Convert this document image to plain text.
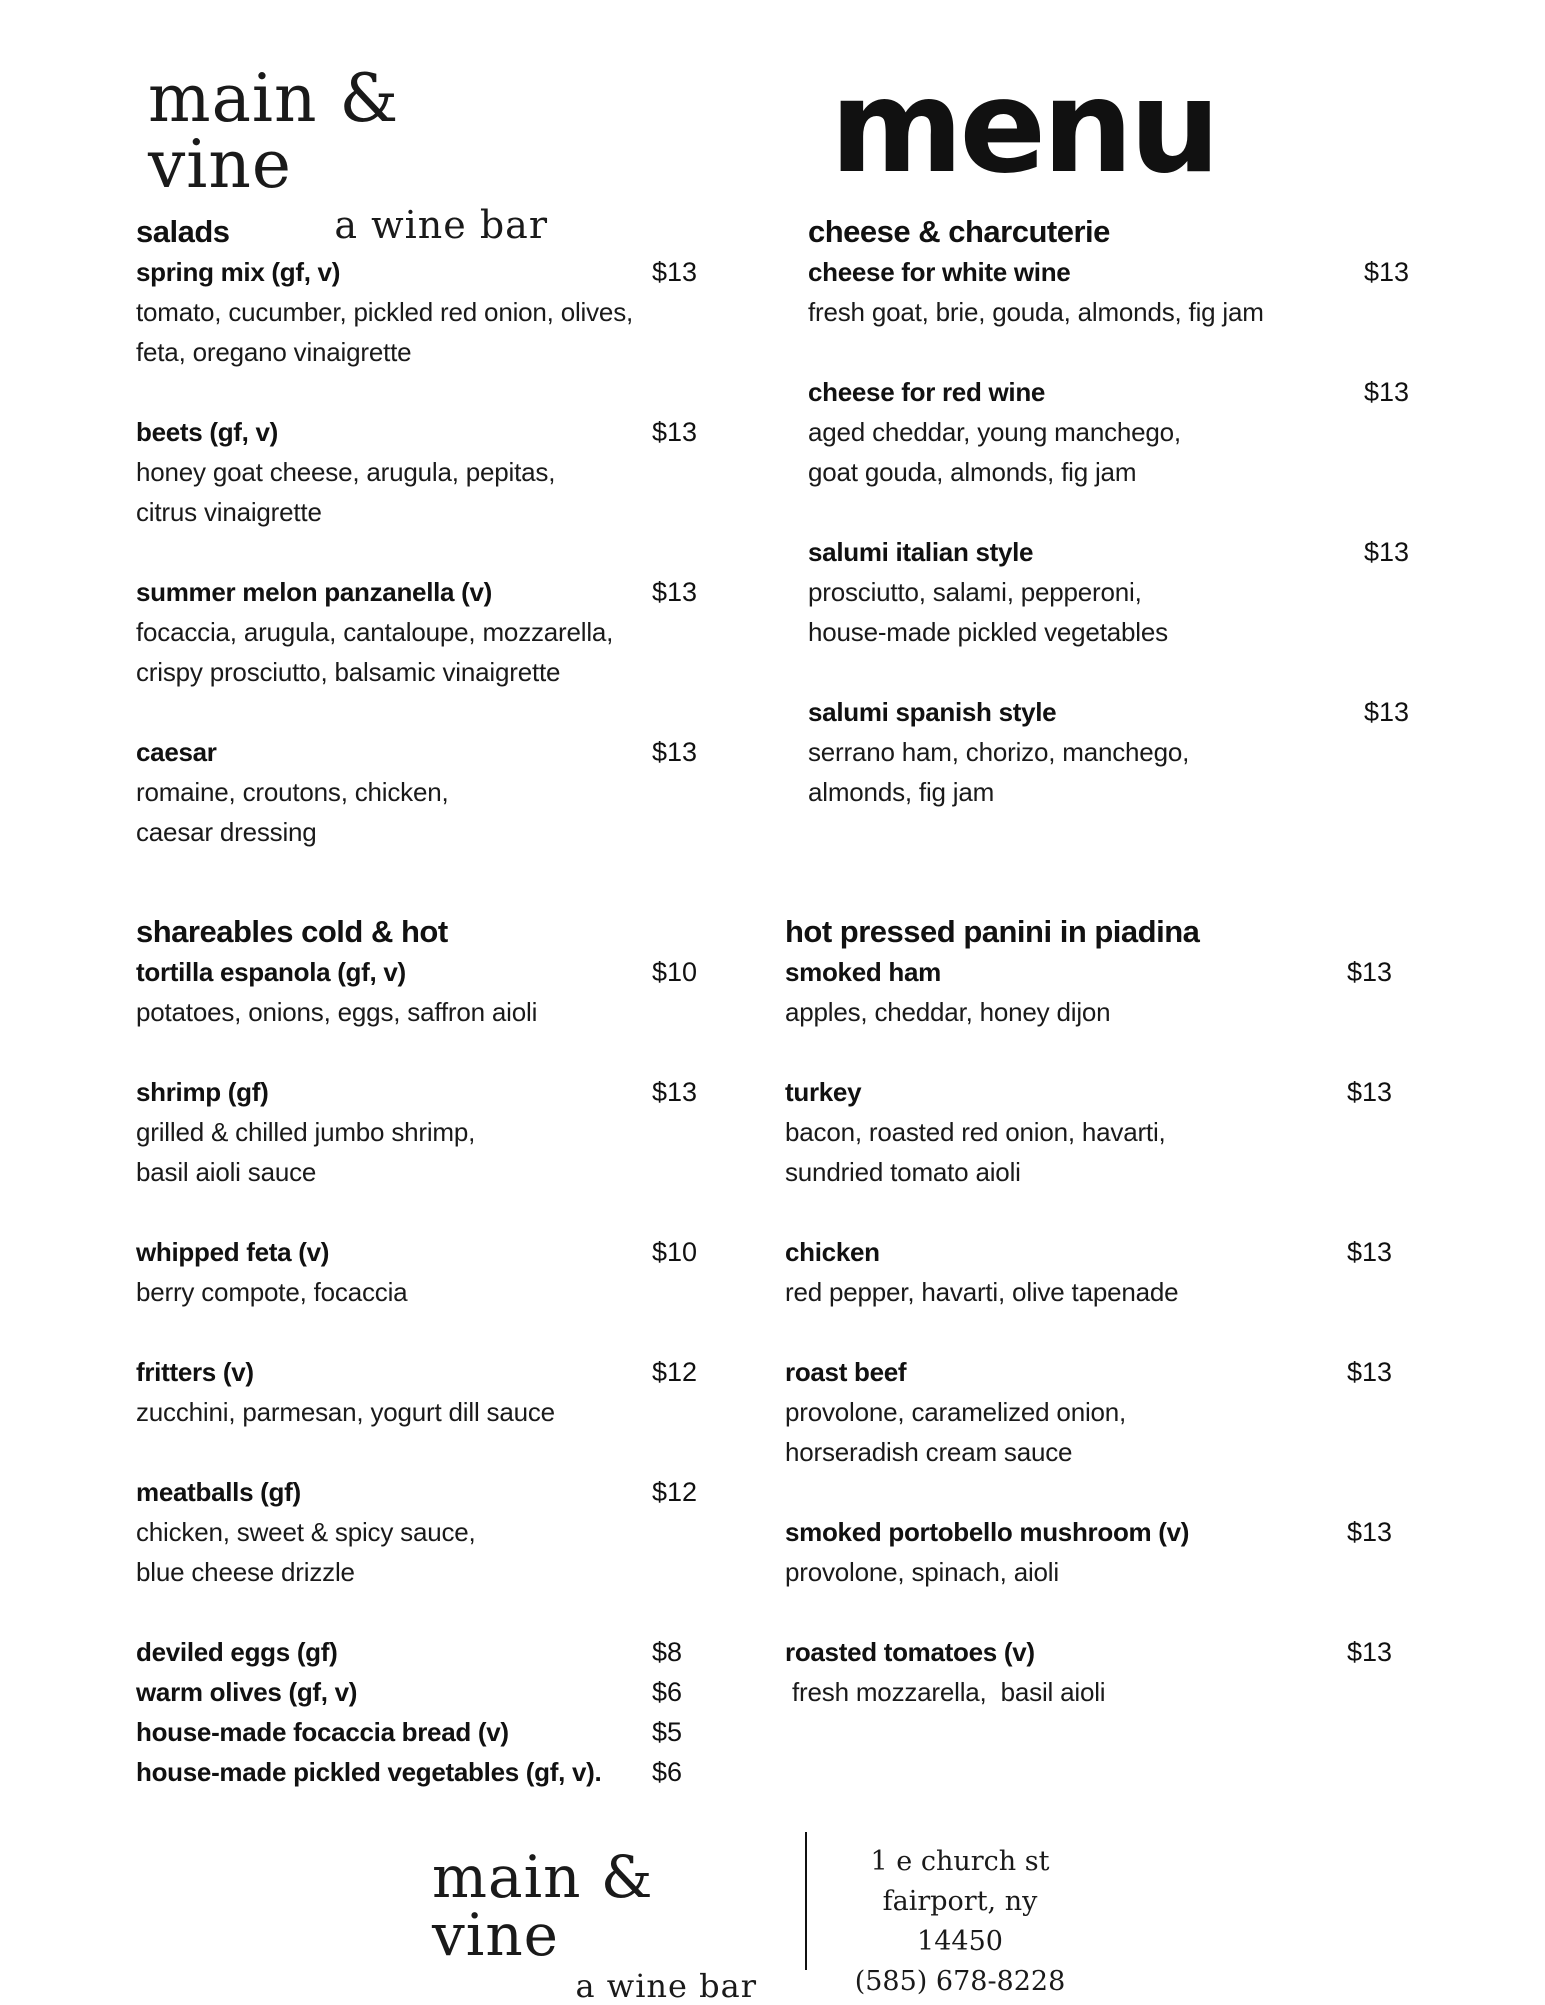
main & vine
a wine bar
menu
salads
spring mix (gf, v)	$13
tomato, cucumber, pickled red onion, olives,
feta, oregano vinaigrette
beets (gf, v)	$13
honey goat cheese, arugula, pepitas,
citrus vinaigrette
summer melon panzanella (v)	$13
focaccia, arugula, cantaloupe, mozzarella,
crispy prosciutto, balsamic vinaigrette
caesar	$13
romaine, croutons, chicken,
caesar dressing
cheese & charcuterie
cheese for white wine	$13
fresh goat, brie, gouda, almonds, fig jam
cheese for red wine	$13
aged cheddar, young manchego,
goat gouda, almonds, fig jam
salumi italian style	$13
prosciutto, salami, pepperoni,
house-made pickled vegetables
salumi spanish style	$13
serrano ham, chorizo, manchego,
almonds, fig jam
shareables cold & hot
tortilla espanola (gf, v)	$10
potatoes, onions, eggs, saffron aioli
shrimp (gf)	$13
grilled & chilled jumbo shrimp,
basil aioli sauce
whipped feta (v)	$10
berry compote, focaccia
fritters (v)	$12
zucchini, parmesan, yogurt dill sauce
meatballs (gf)	$12
chicken, sweet & spicy sauce,
blue cheese drizzle
deviled eggs (gf)	$8
warm olives (gf, v)	$6
house-made focaccia bread (v)	$5
house-made pickled vegetables (gf, v).	$6
hot pressed panini in piadina
smoked ham	$13
apples, cheddar, honey dijon
turkey	$13
bacon, roasted red onion, havarti,
sundried tomato aioli
chicken	$13
red pepper, havarti, olive tapenade
roast beef	$13
provolone, caramelized onion,
horseradish cream sauce
smoked portobello mushroom (v)	$13
provolone, spinach, aioli
roasted tomatoes (v)	$13
fresh mozzarella,  basil aioli
main & vine
a wine bar
1 e church st
fairport, ny 14450
(585) 678-8228
